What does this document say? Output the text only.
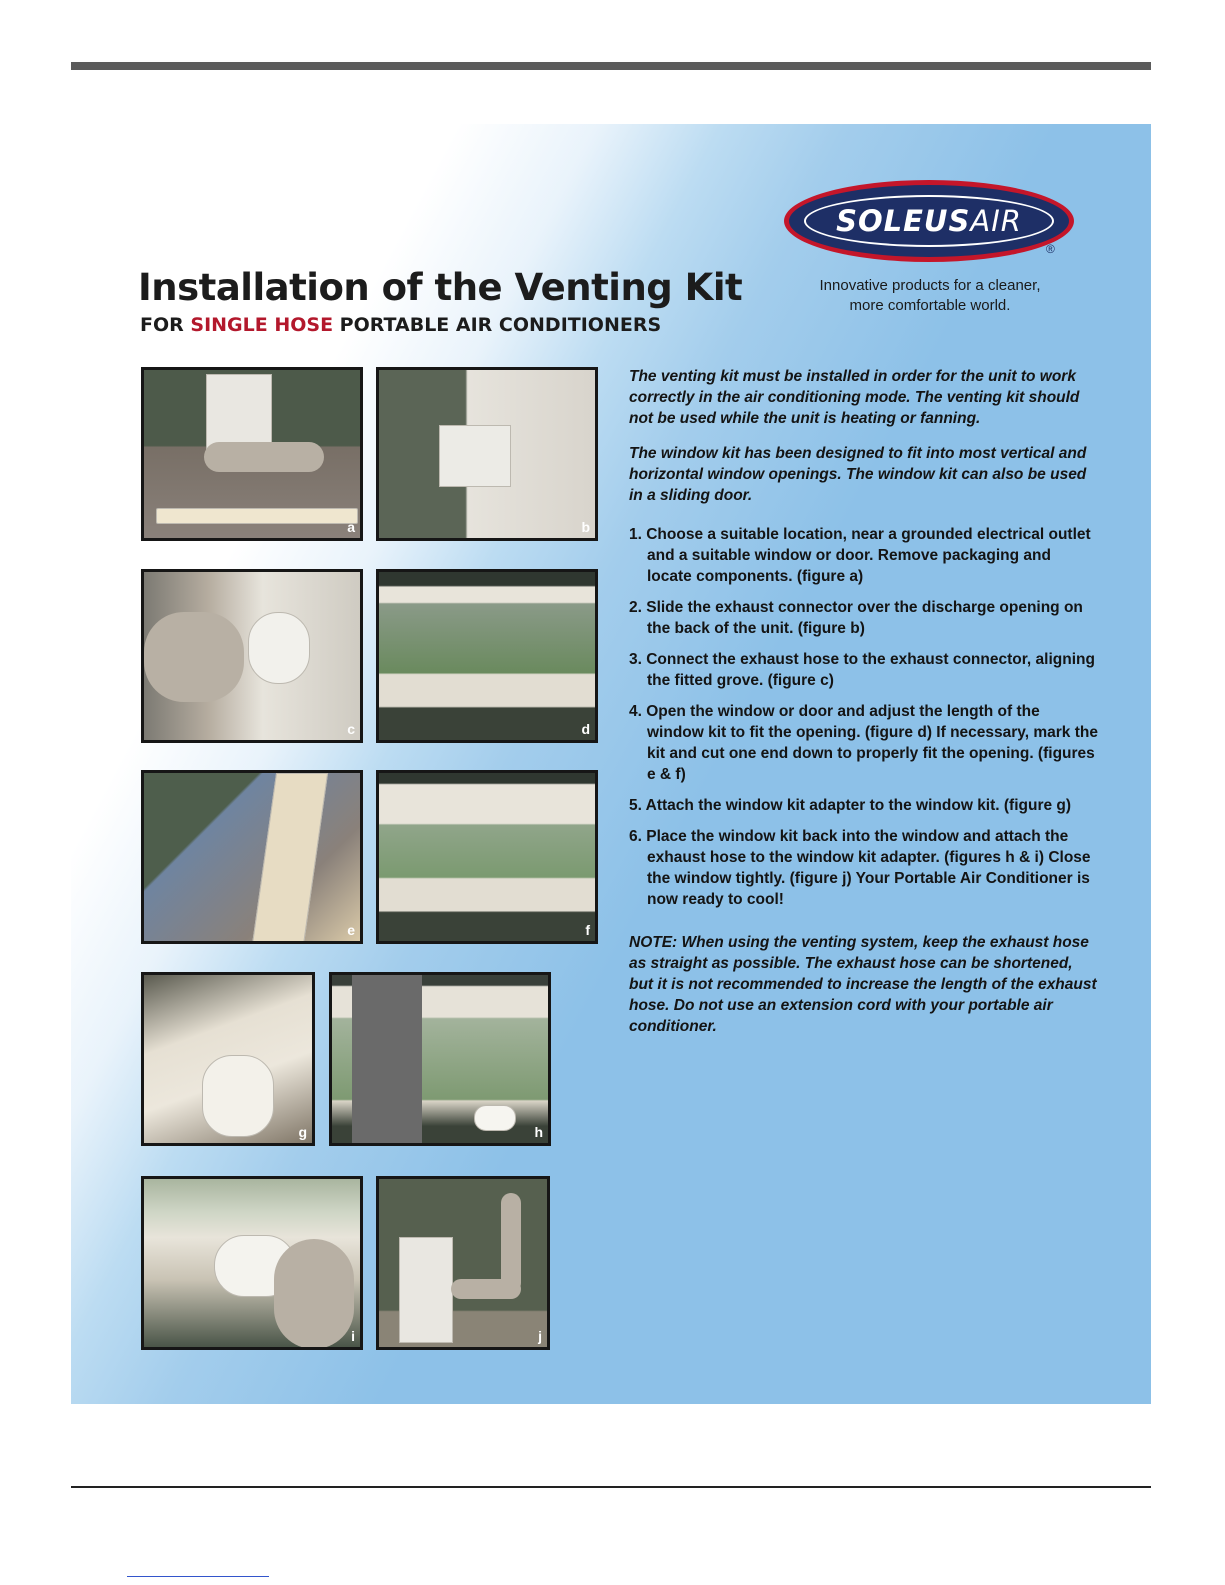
SOLEUSAIR
®
Innovative products for a cleaner,
more comfortable world.
Installation of the Venting Kit
FOR SINGLE HOSE PORTABLE AIR CONDITIONERS
a	b
c	d
e	f
g	h
i	j

The venting kit must be installed in order for the unit to work correctly in the air conditioning mode. The venting kit should not be used while the unit is heating or fanning.

The window kit has been designed to fit into most vertical and horizontal window openings. The window kit can also be used in a sliding door.

1. Choose a suitable location, near a grounded electrical outlet and a suitable window or door. Remove packaging and locate components. (figure a)
2. Slide the exhaust connector over the discharge opening on the back of the unit. (figure b)
3. Connect the exhaust hose to the exhaust connector, aligning the fitted grove. (figure c)
4. Open the window or door and adjust the length of the window kit to fit the opening. (figure d) If necessary, mark the kit and cut one end down to properly fit the opening. (figures e & f)
5. Attach the window kit adapter to the window kit. (figure g)
6. Place the window kit back into the window and attach the exhaust hose to the window kit adapter. (figures h & i) Close the window tightly. (figure j) Your Portable Air Conditioner is now ready to cool!

NOTE: When using the venting system, keep the exhaust hose as straight as possible. The exhaust hose can be shortened, but it is not recommended to increase the length of the exhaust hose. Do not use an extension cord with your portable air conditioner.
